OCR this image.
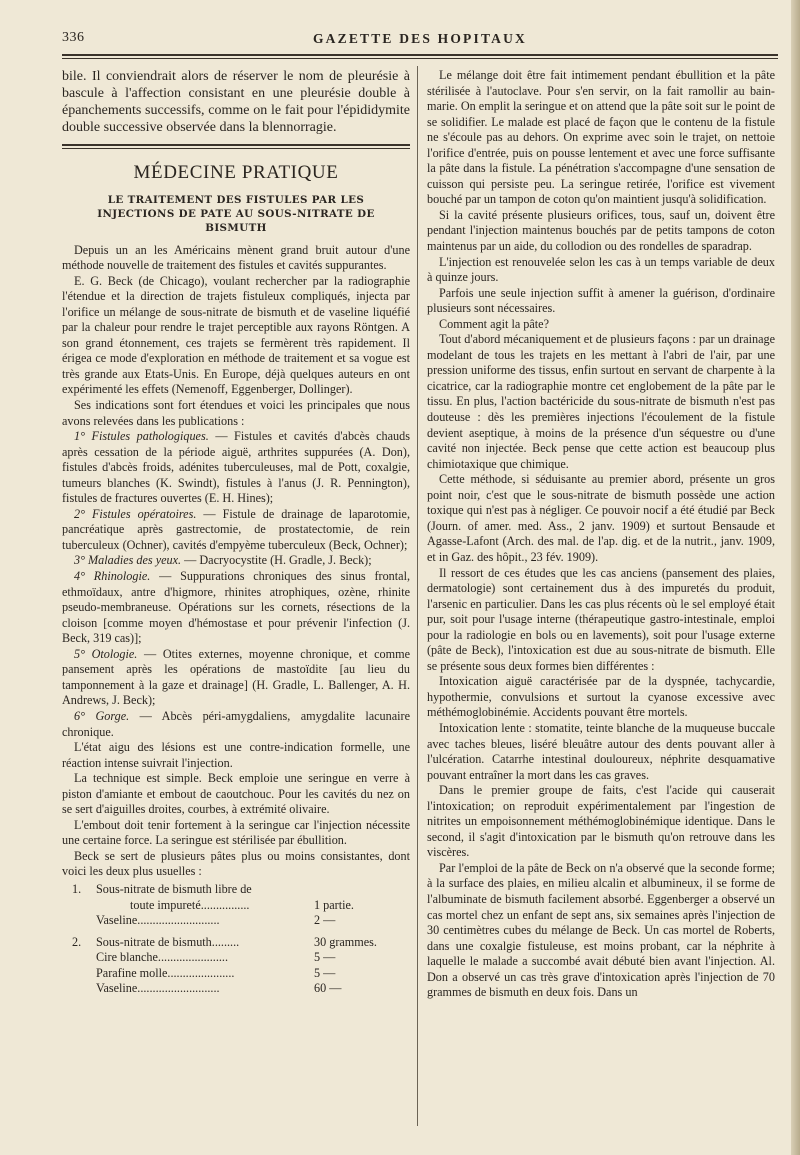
336	GAZETTE DES HOPITAUX

bile. Il conviendrait alors de réserver le nom de pleurésie à bascule à l'affection consistant en une pleurésie double à épanchements successifs, comme on le fait pour l'épididymite double successive observée dans la blennorragie.

MÉDECINE PRATIQUE
LE TRAITEMENT DES FISTULES PAR LES INJECTIONS DE PATE AU SOUS-NITRATE DE BISMUTH

Depuis un an les Américains mènent grand bruit autour d'une méthode nouvelle de traitement des fistules et cavités suppurantes.

E. G. Beck (de Chicago), voulant rechercher par la radiographie l'étendue et la direction de trajets fistuleux compliqués, injecta par l'orifice un mélange de sous-nitrate de bismuth et de vaseline liquéfié par la chaleur pour rendre le trajet perceptible aux rayons Röntgen. A son grand étonnement, ces trajets se fermèrent très rapidement. Il érigea ce mode d'exploration en méthode de traitement et sa vogue est très grande aux Etats-Unis. En Europe, déjà quelques auteurs en ont expérimenté les effets (Nemenoff, Eggenberger, Dollinger).

Ses indications sont fort étendues et voici les principales que nous avons relevées dans les publications :

1° Fistules pathologiques. — Fistules et cavités d'abcès chauds après cessation de la période aiguë, arthrites suppurées (A. Don), fistules d'abcès froids, adénites tuberculeuses, mal de Pott, coxalgie, tumeurs blanches (K. Swindt), fistules à l'anus (J. R. Pennington), fistules de fractures ouvertes (E. H. Hines);

2° Fistules opératoires. — Fistule de drainage de laparotomie, pancréatique après gastrectomie, de prostatectomie, de rein tuberculeux (Ochner), cavités d'empyème tuberculeux (Beck, Ochner);

3° Maladies des yeux. — Dacryocystite (H. Gradle, J. Beck);

4° Rhinologie. — Suppurations chroniques des sinus frontal, ethmoïdaux, antre d'higmore, rhinites atrophiques, ozène, rhinite pseudo-membraneuse. Opérations sur les cornets, résections de la cloison [comme moyen d'hémostase et pour prévenir l'infection (J. Beck, 319 cas)];

5° Otologie. — Otites externes, moyenne chronique, et comme pansement après les opérations de mastoïdite [au lieu du tamponnement à la gaze et drainage] (H. Gradle, L. Ballenger, A. H. Andrews, J. Beck);

6° Gorge. — Abcès péri-amygdaliens, amygdalite lacunaire chronique.

L'état aigu des lésions est une contre-indication formelle, une réaction intense suivrait l'injection.

La technique est simple. Beck emploie une seringue en verre à piston d'amiante et embout de caoutchouc. Pour les cavités du nez on se sert d'aiguilles droites, courbes, à extrémité olivaire.

L'embout doit tenir fortement à la seringue car l'injection nécessite une certaine force. La seringue est stérilisée par ébullition.

Beck se sert de plusieurs pâtes plus ou moins consistantes, dont voici les deux plus usuelles :

1.	Sous-nitrate de bismuth libre de
toute impureté................	1 partie.
Vaseline...........................	2 —
2.	Sous-nitrate de bismuth.........	30 grammes.
Cire blanche.......................	5 —
Parafine molle......................	5 —
Vaseline...........................	60 —

Le mélange doit être fait intimement pendant ébullition et la pâte stérilisée à l'autoclave. Pour s'en servir, on la fait ramollir au bain-marie. On emplit la seringue et on attend que la pâte soit sur le point de se solidifier. Le malade est placé de façon que le contenu de la fistule ne s'écoule pas au dehors. On exprime avec soin le trajet, on nettoie l'orifice d'entrée, puis on pousse lentement et avec une force suffisante la pâte dans la fistule. La pénétration s'accompagne d'une sensation de cuisson qui persiste peu. La seringue retirée, l'orifice est vivement bouché par un tampon de coton qu'on maintient jusqu'à solidification.

Si la cavité présente plusieurs orifices, tous, sauf un, doivent être pendant l'injection maintenus bouchés par de petits tampons de coton maintenus par un aide, du collodion ou des rondelles de sparadrap.

L'injection est renouvelée selon les cas à un temps variable de deux à quinze jours.

Parfois une seule injection suffit à amener la guérison, d'ordinaire plusieurs sont nécessaires.

Comment agit la pâte?

Tout d'abord mécaniquement et de plusieurs façons : par un drainage modelant de tous les trajets en les mettant à l'abri de l'air, par une pression uniforme des tissus, enfin surtout en servant de charpente à la cicatrice, car la radiographie montre cet englobement de la pâte par le tissu. En plus, l'action bactéricide du sous-nitrate de bismuth n'est pas douteuse : dès les premières injections l'écoulement de la fistule devient aseptique, à moins de la présence d'un séquestre ou d'une cavité non injectée. Beck pense que cette action est beaucoup plus chimiotaxique que chimique.

Cette méthode, si séduisante au premier abord, présente un gros point noir, c'est que le sous-nitrate de bismuth possède une action toxique qui n'est pas à négliger. Ce pouvoir nocif a été étudié par Beck (Journ. of amer. med. Ass., 2 janv. 1909) et surtout Bensaude et Agasse-Lafont (Arch. des mal. de l'ap. dig. et de la nutrit., janv. 1909, et in Gaz. des hôpit., 23 fév. 1909).

Il ressort de ces études que les cas anciens (pansement des plaies, dermatologie) sont certainement dus à des impuretés du produit, l'arsenic en particulier. Dans les cas plus récents où le sel employé était pur, soit pour l'usage interne (thérapeutique gastro-intestinale, emploi pour la radiologie en bols ou en lavements), soit pour l'usage externe (pâte de Beck), l'intoxication est due au sous-nitrate de bismuth. Elle se présente sous deux formes bien différentes :

Intoxication aiguë caractérisée par de la dyspnée, tachycardie, hypothermie, convulsions et surtout la cyanose excessive avec méthémoglobinémie. Accidents pouvant être mortels.

Intoxication lente : stomatite, teinte blanche de la muqueuse buccale avec taches bleues, liséré bleuâtre autour des dents pouvant aller à l'ulcération. Catarrhe intestinal douloureux, néphrite desquamative pouvant entraîner la mort dans les cas graves.

Dans le premier groupe de faits, c'est l'acide qui causerait l'intoxication; on reproduit expérimentalement par l'ingestion de nitrites un empoisonnement méthémoglobinémique identique. Dans le second, il s'agit d'intoxication par le bismuth qu'on retrouve dans les viscères.

Par l'emploi de la pâte de Beck on n'a observé que la seconde forme; à la surface des plaies, en milieu alcalin et albumineux, il se forme de l'albuminate de bismuth facilement absorbé. Eggenberger a observé un cas mortel chez un enfant de sept ans, six semaines après l'injection de 30 centimètres cubes du mélange de Beck. Un cas mortel de Roberts, dans une coxalgie fistuleuse, est moins probant, car la néphrite à laquelle le malade a succombé avait débuté bien avant l'injection. Al. Don a observé un cas très grave d'intoxication après l'injection de 70 grammes de bismuth en deux fois. Dans un
